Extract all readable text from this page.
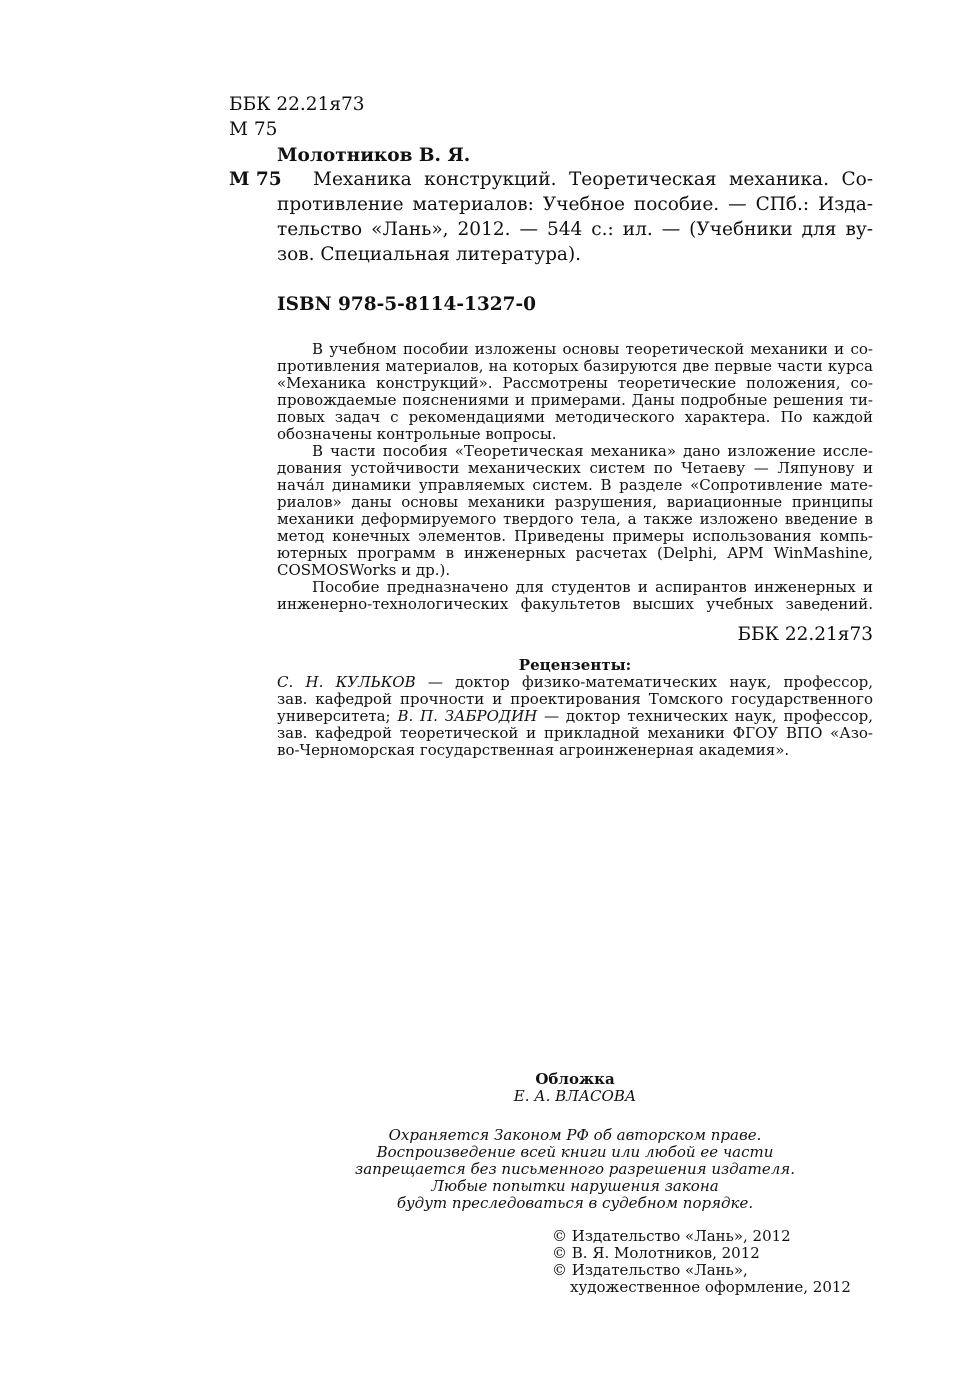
ББК 22.21я73
М 75
Молотников В. Я.
М 75 Механика конструкций. Теоретическая механика. Со-
противление материалов: Учебное пособие. — СПб.: Изда-
тельство «Лань», 2012. — 544 с.: ил. — (Учебники для ву-
зов. Специальная литература).
ISBN 978-5-8114-1327-0
В учебном пособии изложены основы теоретической механики и со-
противления материалов, на которых базируются две первые части курса
«Механика конструкций». Рассмотрены теоретические положения, со-
провождаемые пояснениями и примерами. Даны подробные решения ти-
повых задач с рекомендациями методического характера. По каждой
обозначены контрольные вопросы.
В части пособия «Теоретическая механика» дано изложение иссле-
дования устойчивости механических систем по Четаеву — Ляпунову и
нача́л динамики управляемых систем. В разделе «Сопротивление мате-
риалов» даны основы механики разрушения, вариационные принципы
механики деформируемого твердого тела, а также изложено введение в
метод конечных элементов. Приведены примеры использования компь-
ютерных программ в инженерных расчетах (Delphi, APM WinMashine,
COSMOSWorks и др.).
Пособие предназначено для студентов и аспирантов инженерных и
инженерно-технологических факультетов высших учебных заведений.
ББК 22.21я73
Рецензенты:
С. Н. КУЛЬКОВ — доктор физико-математических наук, профессор,
зав. кафедрой прочности и проектирования Томского государственного
университета; В. П. ЗАБРОДИН — доктор технических наук, профессор,
зав. кафедрой теоретической и прикладной механики ФГОУ ВПО «Азо-
во-Черноморская государственная агроинженерная академия».
Обложка
Е. А. ВЛАСОВА
Охраняется Законом РФ об авторском праве.
Воспроизведение всей книги или любой ее части
запрещается без письменного разрешения издателя.
Любые попытки нарушения закона
будут преследоваться в судебном порядке.
© Издательство «Лань», 2012
© В. Я. Молотников, 2012
© Издательство «Лань»,
художественное оформление, 2012
